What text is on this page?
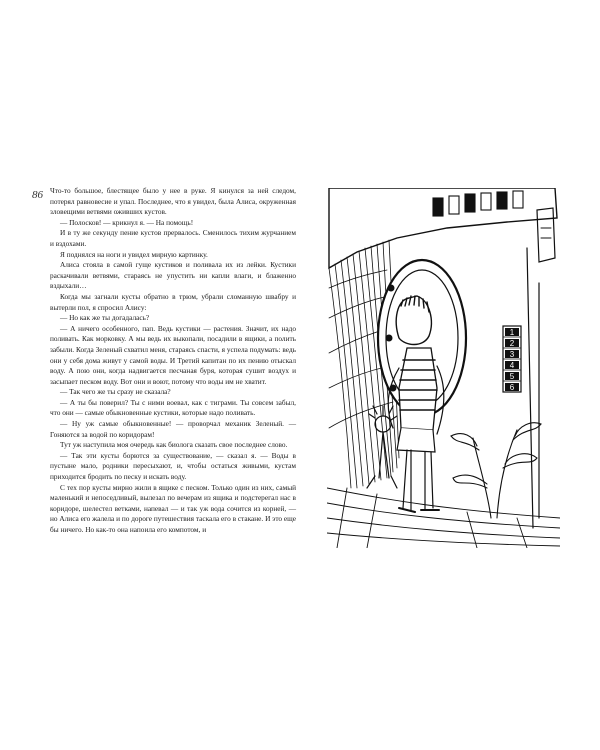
86 Что-то большое, блестящее было у нее в руке. Я кинулся за ней следом, потерял равновесие и упал. Последнее, что я увидел, была Алиса, окруженная зловещими ветвями оживших кустов.

— Полосков! — крикнул я. — На помощь!

И в ту же секунду пение кустов прервалось. Сменилось тихим журчанием и вздохами.

Я поднялся на ноги и увидел мирную картинку.

Алиса стояла в самой гуще кустиков и поливала их из лейки. Кустики раскачивали ветвями, стараясь не упустить ни капли влаги, и блаженно вздыхали…

Когда мы загнали кусты обратно в трюм, убрали сломанную швабру и вытерли пол, я спросил Алису:

— Но как же ты догадалась?

— А ничего особенного, пап. Ведь кустики — растения. Значит, их надо поливать. Как морковку. А мы ведь их выкопали, посадили в ящики, а полить забыли. Когда Зеленый схватил меня, стараясь спасти, я успела подумать: ведь они у себя дома живут у самой воды. И Третий капитан по их пению отыскал воду. А пою они, когда надвигается песчаная буря, которая сушит воздух и засыпает песком воду. Вот они и воют, потому что воды им не хватит.

— Так чего же ты сразу не сказала?

— А ты бы поверил? Ты с ними воевал, как с тиграми. Ты совсем забыл, что они — самые обыкновенные кустики, которые надо поливать.

— Ну уж самые обыкновенные! — проворчал механик Зеленый. — Гоняются за водой по коридорам!

Тут уж наступила моя очередь как биолога сказать свое последнее слово.

— Так эти кусты борются за существование, — сказал я. — Воды в пустыне мало, родники пересыхают, и, чтобы остаться живыми, кустам приходится бродить по песку и искать воду.

С тех пор кусты мирно жили в ящике с песком. Только один из них, самый маленький и непоседливый, вылезал по вечерам из ящика и подстерегал нас в коридоре, шелестел ветками, напевал — и так уж вода сочится из корней, — но Алиса его жалела и по дороге путешествия таскала его в стакане. И это еще бы ничего. Но как-то она напоила его компотом, и

1
2
3
4
5
6
